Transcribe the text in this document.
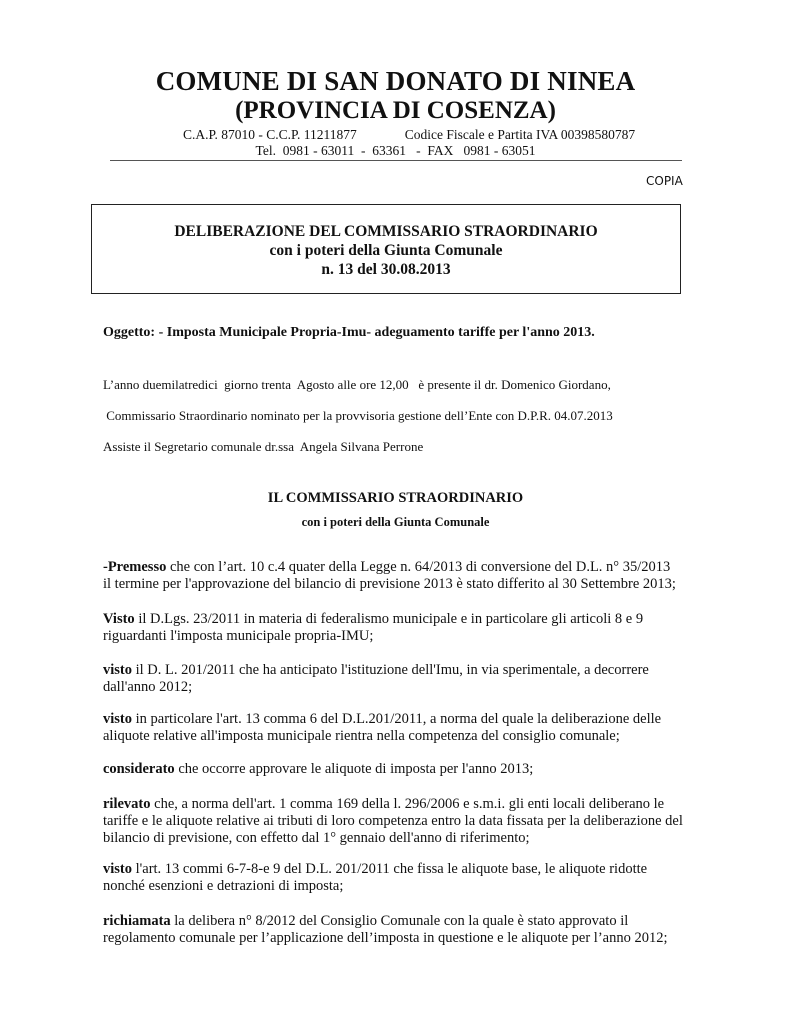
COMUNE DI SAN DONATO DI NINEA
(PROVINCIA DI COSENZA)
C.A.P. 87010 - C.C.P. 11211877	Codice Fiscale e Partita IVA 00398580787
Tel.  0981 - 63011  -  63361   -  FAX   0981 - 63051
COPIA
DELIBERAZIONE DEL COMMISSARIO STRAORDINARIO
con i poteri della Giunta Comunale
n. 13 del 30.08.2013
Oggetto: - Imposta Municipale Propria-Imu- adeguamento tariffe per l'anno 2013.
L’anno duemilatredici  giorno trenta  Agosto alle ore 12,00   è presente il dr. Domenico Giordano,
Commissario Straordinario nominato per la provvisoria gestione dell’Ente con D.P.R. 04.07.2013
Assiste il Segretario comunale dr.ssa  Angela Silvana Perrone
IL COMMISSARIO STRAORDINARIO
con i poteri della Giunta Comunale
-Premesso che con l’art. 10 c.4 quater della Legge n. 64/2013 di conversione del D.L. n° 35/2013
il termine per l'approvazione del bilancio di previsione 2013 è stato differito al 30 Settembre 2013;
Visto il D.Lgs. 23/2011 in materia di federalismo municipale e in particolare gli articoli 8 e 9
riguardanti l'imposta municipale propria-IMU;
visto il D. L. 201/2011 che ha anticipato l'istituzione dell'Imu, in via sperimentale, a decorrere
dall'anno 2012;
visto in particolare l'art. 13 comma 6 del D.L.201/2011, a norma del quale la deliberazione delle
aliquote relative all'imposta municipale rientra nella competenza del consiglio comunale;
considerato che occorre approvare le aliquote di imposta per l'anno 2013;
rilevato che, a norma dell'art. 1 comma 169 della l. 296/2006 e s.m.i. gli enti locali deliberano le
tariffe e le aliquote relative ai tributi di loro competenza entro la data fissata per la deliberazione del
bilancio di previsione, con effetto dal 1° gennaio dell'anno di riferimento;
visto l'art. 13 commi 6-7-8-e 9 del D.L. 201/2011 che fissa le aliquote base, le aliquote ridotte
nonché esenzioni e detrazioni di imposta;
richiamata la delibera n° 8/2012 del Consiglio Comunale con la quale è stato approvato il
regolamento comunale per l’applicazione dell’imposta in questione e le aliquote per l’anno 2012;
